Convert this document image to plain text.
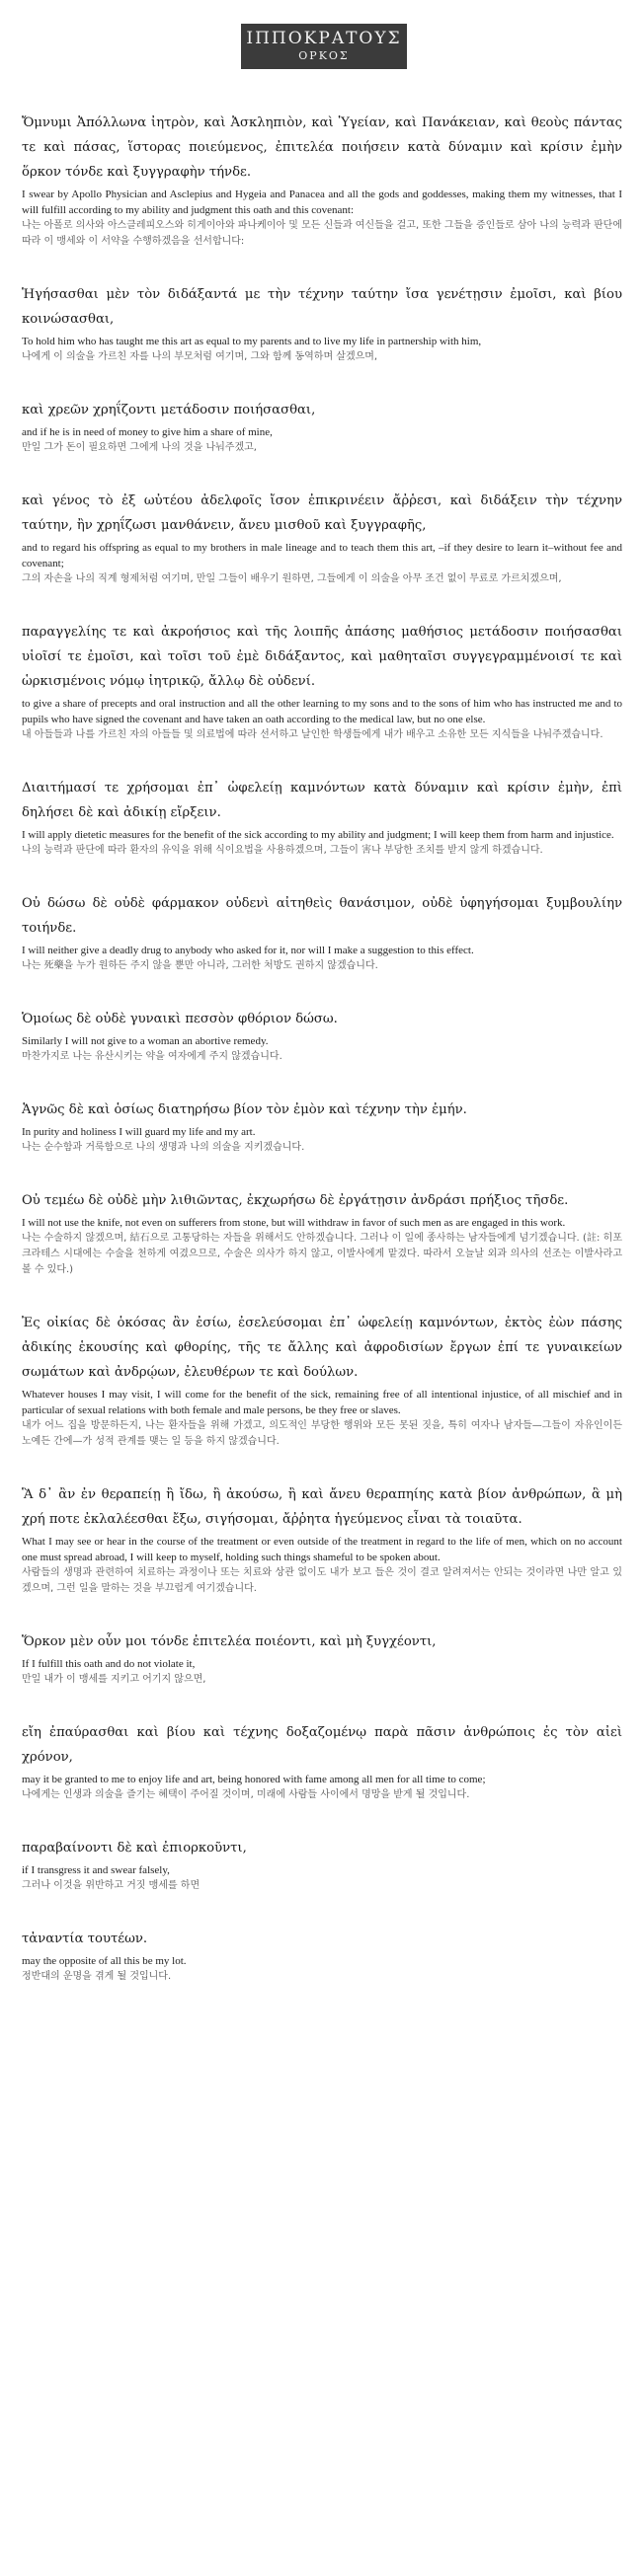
ΙΠΠΟΚΡΑΤΟΥΣ
ΟΡΚΟΣ

Ὄμνυμι Ἀπόλλωνα ἰητρὸν, καὶ Ἀσκληπιὸν, καὶ Ὑγείαν, καὶ Πανάκειαν, καὶ θεοὺς πάντας τε καὶ πάσας, ἵστορας ποιεύμενος, ἐπιτελέα ποιήσειν κατὰ δύναμιν καὶ κρίσιν ἐμὴν ὅρκον τόνδε καὶ ξυγγραφὴν τήνδε.

I swear by Apollo Physician and Asclepius and Hygeia and Panacea and all the gods and goddesses, making them my witnesses, that I will fulfill according to my ability and judgment this oath and this covenant:

나는 아폴로 의사와 아스클레피오스와 히게이아와 파나케이아 및 모든 신들과 여신들을 걸고, 또한 그들을 증인들로 삼아 나의 능력과 판단에 따라 이 맹세와 이 서약을 수행하겠음을 선서합니다:

Ἡγήσασθαι μὲν τὸν διδάξαντά με τὴν τέχνην ταύτην ἴσα γενέτῃσιν ἐμοῖσι, καὶ βίου κοινώσασθαι,

To hold him who has taught me this art as equal to my parents and to live my life in partnership with him,

나에게 이 의술을 가르친 자를 나의 부모처럼 여기며, 그와 함께 동역하며 살겠으며,

καὶ χρεῶν χρηΐζοντι μετάδοσιν ποιήσασθαι,

and if he is in need of money to give him a share of mine,

만일 그가 돈이 필요하면 그에게 나의 것을 나눠주겠고,

καὶ γένος τὸ ἐξ ωὐτέου ἀδελφοῖς ἴσον ἐπικρινέειν ἄῤῥεσι, καὶ διδάξειν τὴν τέχνην ταύτην, ἢν χρηΐζωσι μανθάνειν, ἄνευ μισθοῦ καὶ ξυγγραφῆς,

and to regard his offspring as equal to my brothers in male lineage and to teach them this art, –if they desire to learn it–without fee and covenant;

그의 자손을 나의 직계 형제처럼 여기며, 만일 그들이 배우기 원하면, 그들에게 이 의술을 아무 조건 없이 무료로 가르치겠으며,

παραγγελίης τε καὶ ἀκροήσιος καὶ τῆς λοιπῆς ἁπάσης μαθήσιος μετάδοσιν ποιήσασθαι υἱοῖσί τε ἐμοῖσι, καὶ τοῖσι τοῦ ἐμὲ διδάξαντος, καὶ μαθηταῖσι συγγεγραμμένοισί τε καὶ ὡρκισμένοις νόμῳ ἰητρικῷ, ἄλλῳ δὲ οὐδενί.

to give a share of precepts and oral instruction and all the other learning to my sons and to the sons of him who has instructed me and to pupils who have signed the covenant and have taken an oath according to the medical law, but no one else.

내 아들들과 나를 가르친 자의 아들들 및 의료법에 따라 선서하고 날인한 학생들에게 내가 배우고 소유한 모든 지식들을 나눠주겠습니다.

Διαιτήμασί τε χρήσομαι ἐπ᾽ ὠφελείῃ καμνόντων κατὰ δύναμιν καὶ κρίσιν ἐμὴν, ἐπὶ δηλήσει δὲ καὶ ἀδικίῃ εἴρξειν.

I will apply dietetic measures for the benefit of the sick according to my ability and judgment; I will keep them from harm and injustice.

나의 능력과 판단에 따라 환자의 유익을 위해 식이요법을 사용하겠으며, 그들이 害나 부당한 조치를 받지 않게 하겠습니다.

Οὐ δώσω δὲ οὐδὲ φάρμακον οὐδενὶ αἰτηθεὶς θανάσιμον, οὐδὲ ὑφηγήσομαι ξυμβουλίην τοιήνδε.

I will neither give a deadly drug to anybody who asked for it, nor will I make a suggestion to this effect.

나는 死藥을 누가 원하든 주지 않을 뿐만 아니라, 그러한 처방도 권하지 않겠습니다.

Ὁμοίως δὲ οὐδὲ γυναικὶ πεσσὸν φθόριον δώσω.

Similarly I will not give to a woman an abortive remedy.

마찬가지로 나는 유산시키는 약을 여자에게 주지 않겠습니다.

Ἁγνῶς δὲ καὶ ὁσίως διατηρήσω βίον τὸν ἐμὸν καὶ τέχνην τὴν ἐμήν.

In purity and holiness I will guard my life and my art.

나는 순수함과 거룩함으로 나의 생명과 나의 의술을 지키겠습니다.

Οὐ τεμέω δὲ οὐδὲ μὴν λιθιῶντας, ἐκχωρήσω δὲ ἐργάτῃσιν ἀνδράσι πρήξιος τῆσδε.

I will not use the knife, not even on sufferers from stone, but will withdraw in favor of such men as are engaged in this work.

나는 수술하지 않겠으며, 結石으로 고통당하는 자들을 위해서도 안하겠습니다. 그러나 이 일에 종사하는 남자들에게 넘기겠습니다. (註: 히포크라테스 시대에는 수술을 천하게 여겼으므로, 수술은 의사가 하지 않고, 이발사에게 맡겼다. 따라서 오늘날 외과 의사의 선조는 이발사라고 볼 수 있다.)

Ἐς οἰκίας δὲ ὁκόσας ἂν ἐσίω, ἐσελεύσομαι ἐπ᾽ ὠφελείῃ καμνόντων, ἐκτὸς ἐὼν πάσης ἀδικίης ἑκουσίης καὶ φθορίης, τῆς τε ἄλλης καὶ ἀφροδισίων ἔργων ἐπί τε γυναικείων σωμάτων καὶ ἀνδρῴων, ἐλευθέρων τε καὶ δούλων.

Whatever houses I may visit, I will come for the benefit of the sick, remaining free of all intentional injustice, of all mischief and in particular of sexual relations with both female and male persons, be they free or slaves.

내가 어느 집을 방문하든지, 나는 환자들을 위해 가겠고, 의도적인 부당한 행위와 모든 못된 짓을, 특히 여자나 남자들—그들이 자유인이든 노예든 간에—가 성적 관계를 맺는 일 등을 하지 않겠습니다.

Ἃ δ᾽ ἂν ἐν θεραπείῃ ἢ ἴδω, ἢ ἀκούσω, ἢ καὶ ἄνευ θεραπηίης κατὰ βίον ἀνθρώπων, ἃ μὴ χρή ποτε ἐκλαλέεσθαι ἔξω, σιγήσομαι, ἄῤῥητα ἡγεύμενος εἶναι τὰ τοιαῦτα.

What I may see or hear in the course of the treatment or even outside of the treatment in regard to the life of men, which on no account one must spread abroad, I will keep to myself, holding such things shameful to be spoken about.

사람들의 생명과 관련하여 치료하는 과정이나 또는 치료와 상관 없이도 내가 보고 들은 것이 결코 알려져서는 안되는 것이라면 나만 알고 있겠으며, 그런 일을 말하는 것을 부끄럽게 여기겠습니다.

Ὅρκον μὲν οὖν μοι τόνδε ἐπιτελέα ποιέοντι, καὶ μὴ ξυγχέοντι,

If I fulfill this oath and do not violate it,

만일 내가 이 맹세를 지키고 어기지 않으면,

εἴη ἐπαύρασθαι καὶ βίου καὶ τέχνης δοξαζομένῳ παρὰ πᾶσιν ἀνθρώποις ἐς τὸν αἰεὶ χρόνον,

may it be granted to me to enjoy life and art, being honored with fame among all men for all time to come;

나에게는 인생과 의술을 즐기는 혜택이 주어질 것이며, 미래에 사람들 사이에서 명망을 받게 될 것입니다.

παραβαίνοντι δὲ καὶ ἐπιορκοῦντι,

if I transgress it and swear falsely,

그러나 이것을 위반하고 거짓 맹세를 하면

τἀναντία τουτέων.

may the opposite of all this be my lot.

정반대의 운명을 겪게 될 것입니다.
